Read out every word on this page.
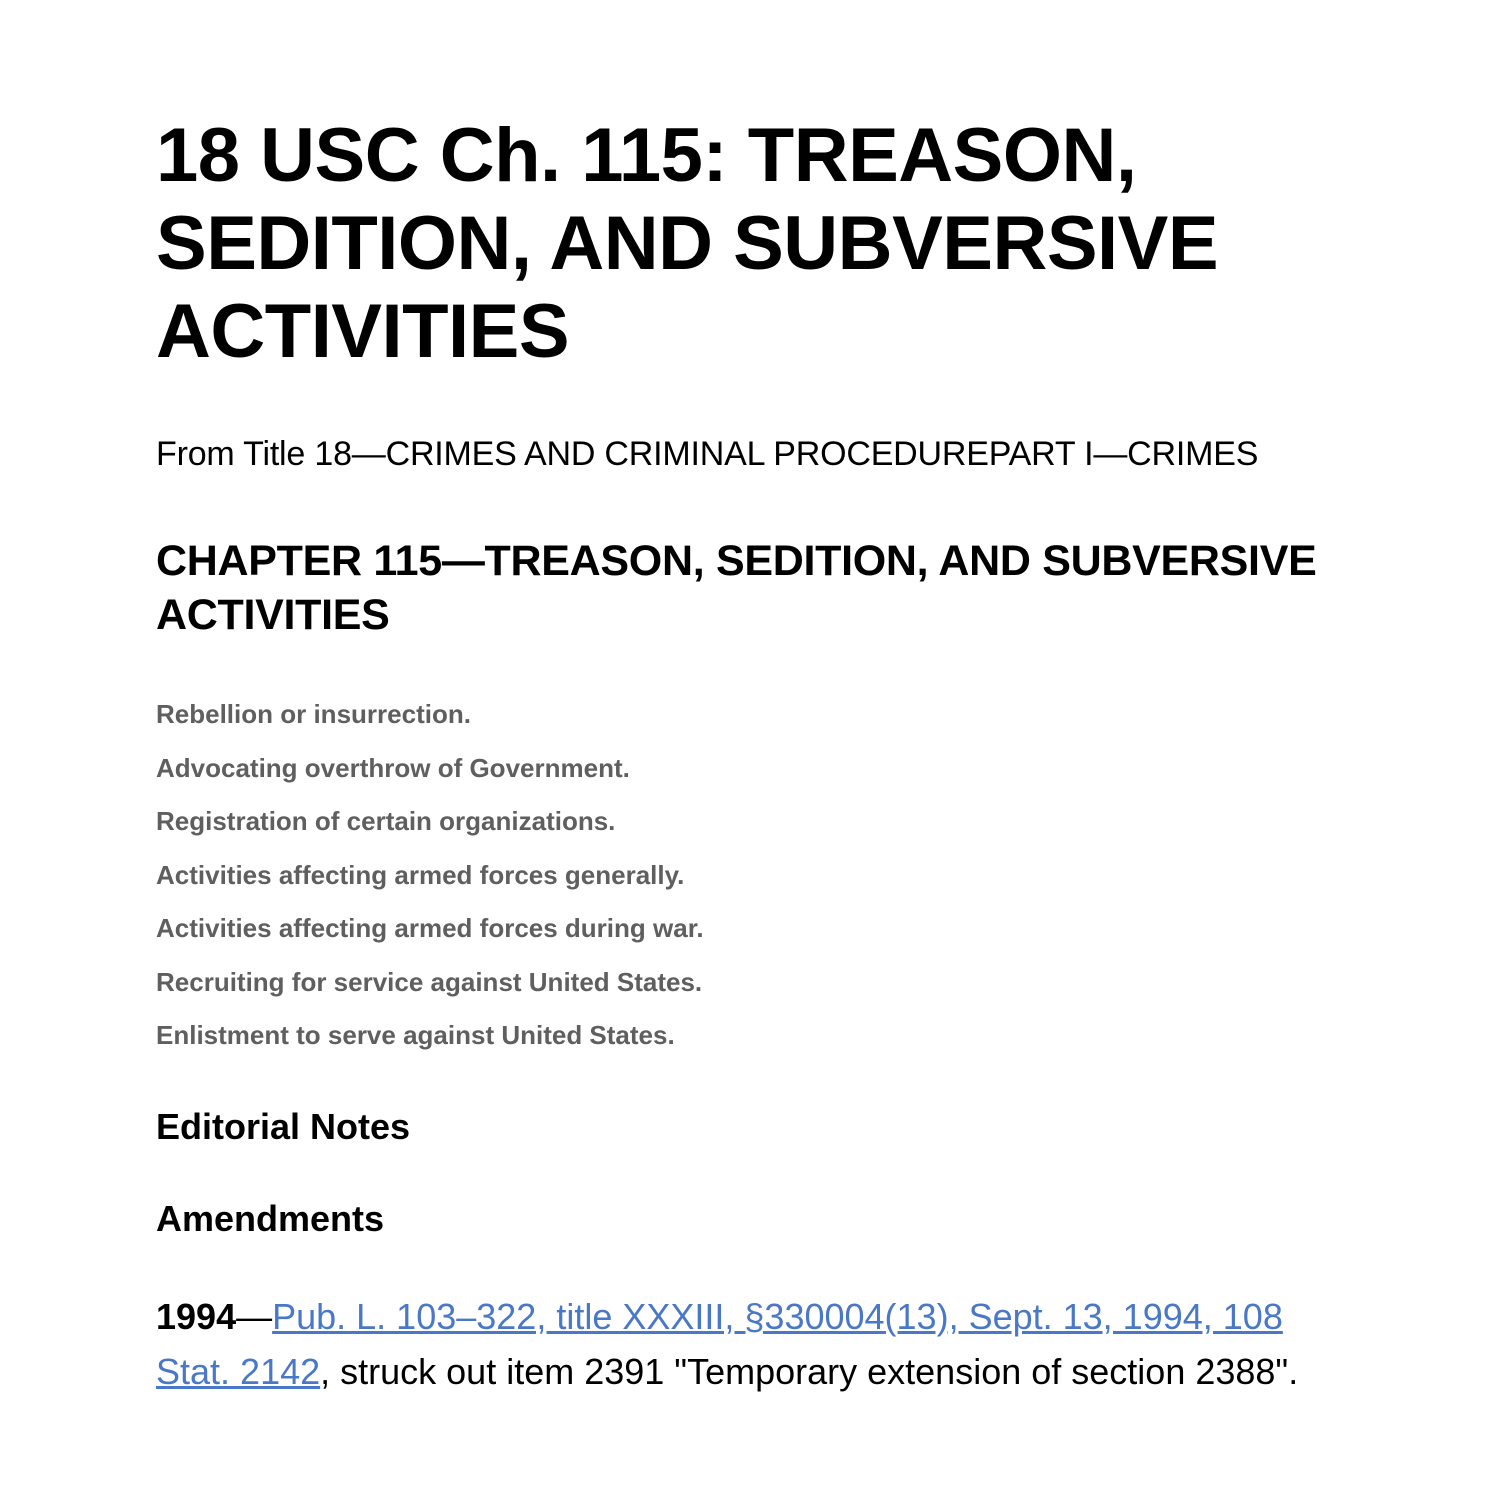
18 USC Ch. 115: TREASON, SEDITION, AND SUBVERSIVE ACTIVITIES

From Title 18—CRIMES AND CRIMINAL PROCEDUREPART I—CRIMES

CHAPTER 115—TREASON, SEDITION, AND SUBVERSIVE ACTIVITIES
Rebellion or insurrection.
Advocating overthrow of Government.
Registration of certain organizations.
Activities affecting armed forces generally.
Activities affecting armed forces during war.
Recruiting for service against United States.
Enlistment to serve against United States.
Editorial Notes
Amendments

1994—Pub. L. 103–322, title XXXIII, §330004(13), Sept. 13, 1994, 108 Stat. 2142, struck out item 2391 "Temporary extension of section 2388".
